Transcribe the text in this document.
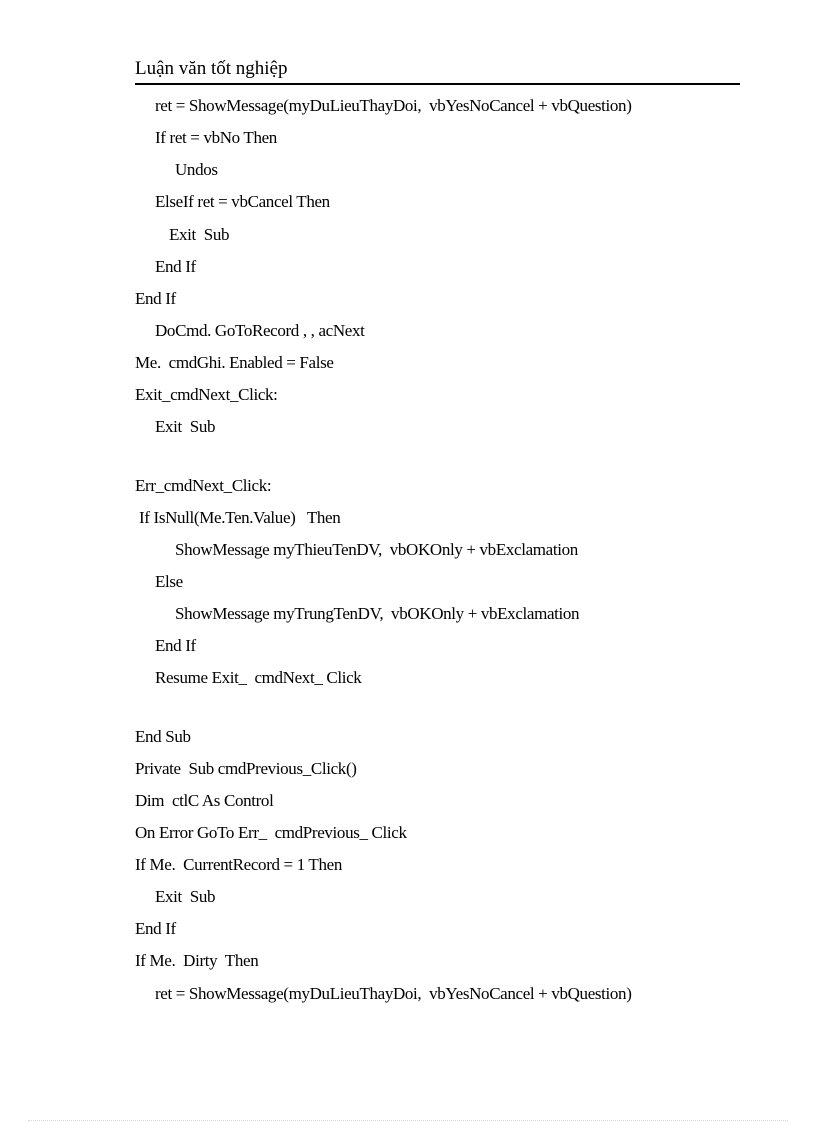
Luận văn tốt nghiệp
ret = ShowMessage(myDuLieuThayDoi,  vbYesNoCancel + vbQuestion)
If ret = vbNo Then
Undos
ElseIf ret = vbCancel Then
Exit  Sub
End If
End If
DoCmd. GoToRecord , , acNext
Me.  cmdGhi. Enabled = False
Exit_cmdNext_Click:
Exit  Sub
Err_cmdNext_Click:
If IsNull(Me.Ten.Value)   Then
ShowMessage myThieuTenDV,  vbOKOnly + vbExclamation
Else
ShowMessage myTrungTenDV,  vbOKOnly + vbExclamation
End If
Resume Exit_  cmdNext_ Click
End Sub
Private  Sub cmdPrevious_Click()
Dim  ctlC As Control
On Error GoTo Err_  cmdPrevious_ Click
If Me.  CurrentRecord = 1 Then
Exit  Sub
End If
If Me.  Dirty  Then
ret = ShowMessage(myDuLieuThayDoi,  vbYesNoCancel + vbQuestion)
